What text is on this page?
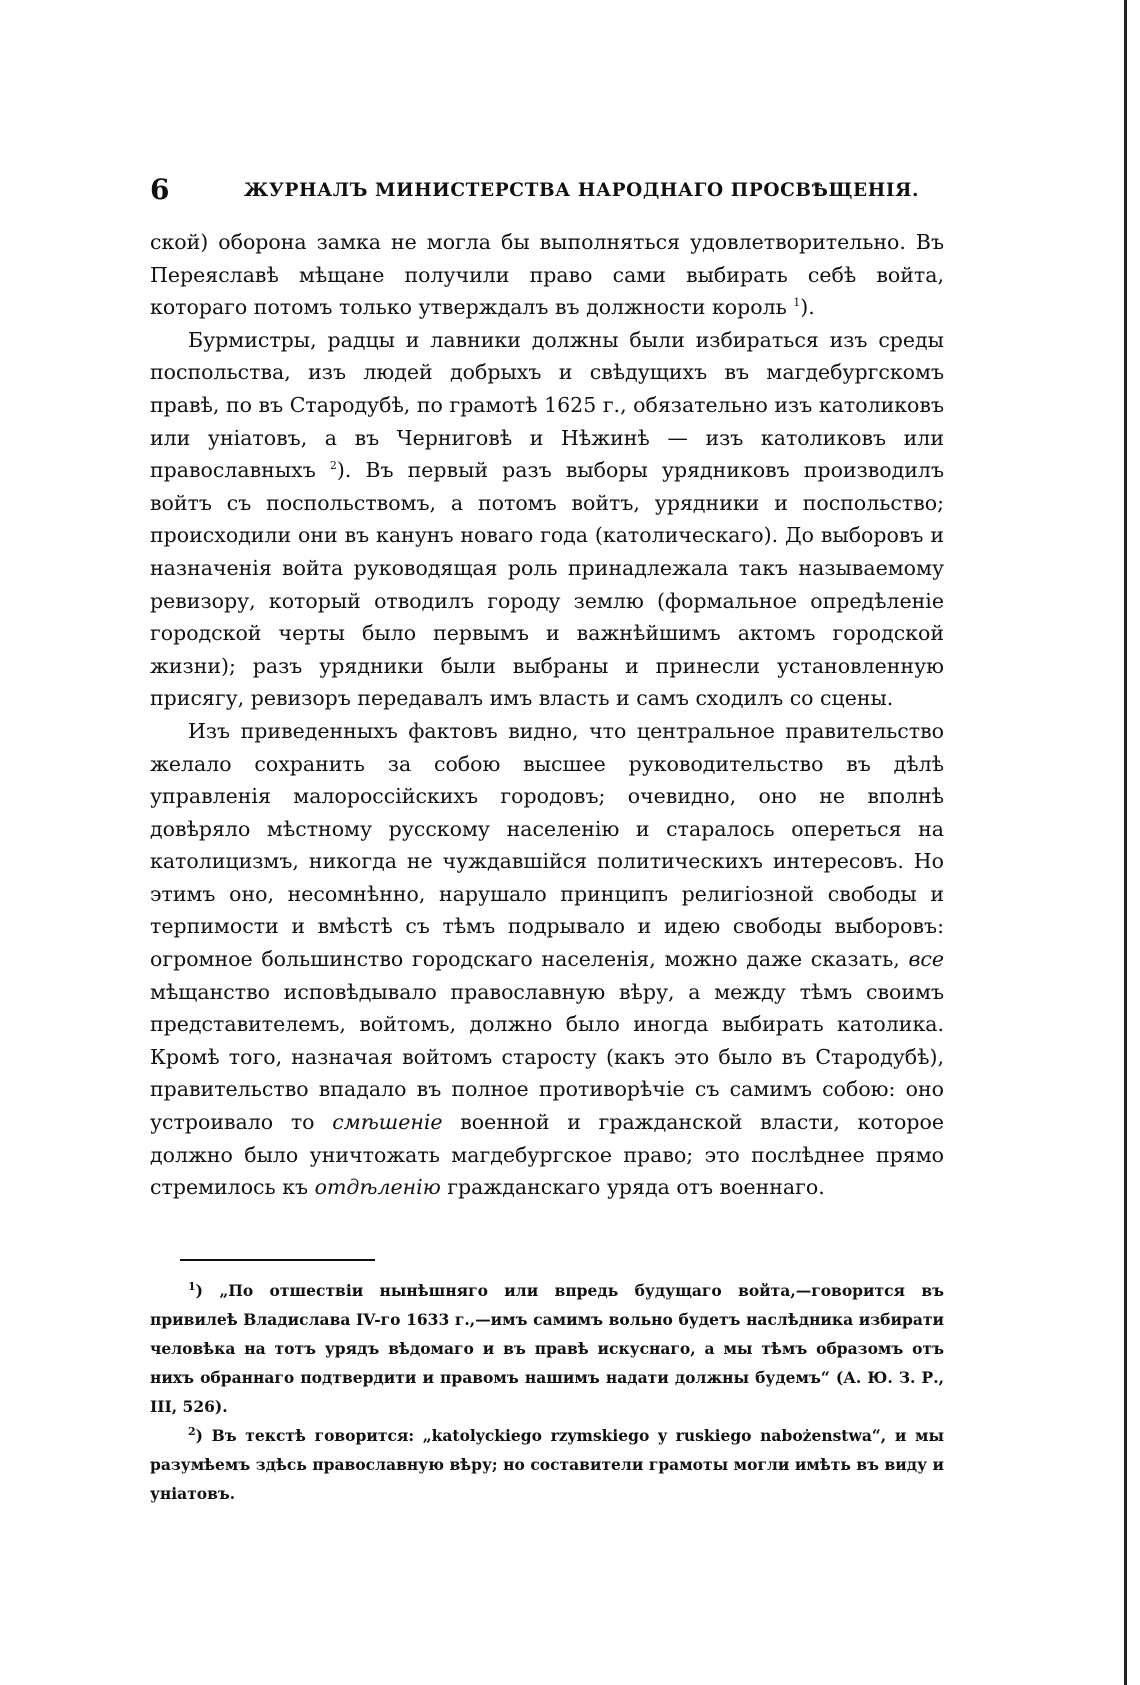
6	ЖУРНАЛЪ МИНИСТЕРСТВА НАРОДНАГО ПРОСВѢЩЕНІЯ.

ской) оборона замка не могла бы выполняться удовлетворительно. Въ Переяславѣ мѣщане получили право сами выбирать себѣ войта, котораго потомъ только утверждалъ въ должности король $^1$).

Бурмистры, радцы и лавники должны были избираться изъ среды поспольства, изъ людей добрыхъ и свѣдущихъ въ магдебургскомъ правѣ, по въ Стародубѣ, по грамотѣ 1625 г., обязательно изъ католиковъ или уніатовъ, а въ Черниговѣ и Нѣжинѣ — изъ католиковъ или православныхъ $^2$). Въ первый разъ выборы урядниковъ производилъ войтъ съ поспольствомъ, а потомъ войтъ, урядники и поспольство; происходили они въ канунъ новаго года (католическаго). До выборовъ и назначенія войта руководящая роль принадлежала такъ называемому ревизору, который отводилъ городу землю (формальное опредѣленіе городской черты было первымъ и важнѣйшимъ актомъ городской жизни); разъ урядники были выбраны и принесли установленную присягу, ревизоръ передавалъ имъ власть и самъ сходилъ со сцены.

Изъ приведенныхъ фактовъ видно, что центральное правительство желало сохранить за собою высшее руководительство въ дѣлѣ управленія малороссійскихъ городовъ; очевидно, оно не вполнѣ довѣряло мѣстному русскому населенію и старалось опереться на католицизмъ, никогда не чуждавшійся политическихъ интересовъ. Но этимъ оно, несомнѣнно, нарушало принципъ религіозной свободы и терпимости и вмѣстѣ съ тѣмъ подрывало и идею свободы выборовъ: огромное большинство городскаго населенія, можно даже сказать, все мѣщанство исповѣдывало православную вѣру, а между тѣмъ своимъ представителемъ, войтомъ, должно было иногда выбирать католика. Кромѣ того, назначая войтомъ старосту (какъ это было въ Стародубѣ), правительство впадало въ полное противорѣчіе съ самимъ собою: оно устроивало то смѣшеніе военной и гражданской власти, которое должно было уничтожать магдебургское право; это послѣднее прямо стремилось къ отдѣленію гражданскаго уряда отъ военнаго.

$^1$) „По отшествіи нынѣшняго или впредь будущаго войта,—говорится въ привилеѣ Владислава IV-го 1633 г.,—имъ самимъ вольно будетъ наслѣдника избирати человѣка на тотъ урядъ вѣдомаго и въ правѣ искуснаго, а мы тѣмъ образомъ отъ нихъ обраннаго подтвердити и правомъ нашимъ надати должны будемъ“ (А. Ю. З. Р., III, 526).

$^2$) Въ текстѣ говорится: „katolyckiego rzymskiego y ruskiego nabożenstwa“, и мы разумѣемъ здѣсь православную вѣру; но составители грамоты могли имѣть въ виду и уніатовъ.
